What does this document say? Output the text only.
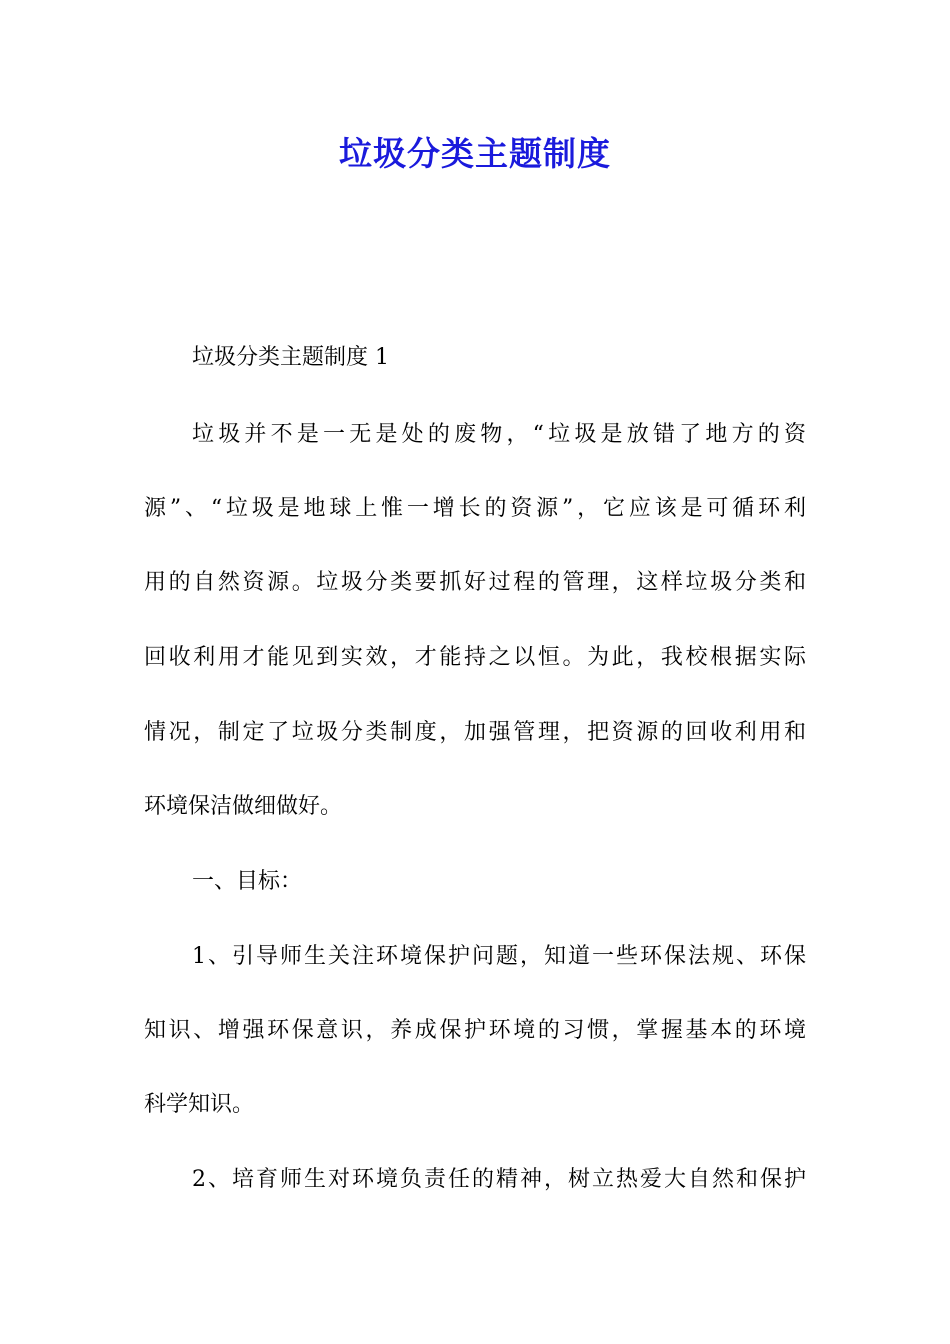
垃圾分类主题制度
垃圾分类主题制度 1
垃圾并不是一无是处的废物，“垃圾是放错了地方的资
源”、“垃圾是地球上惟一增长的资源”，它应该是可循环利
用的自然资源。垃圾分类要抓好过程的管理，这样垃圾分类和
回收利用才能见到实效，才能持之以恒。为此，我校根据实际
情况，制定了垃圾分类制度，加强管理，把资源的回收利用和
环境保洁做细做好。
一、目标：
1、引导师生关注环境保护问题，知道一些环保法规、环保
知识、增强环保意识，养成保护环境的习惯，掌握基本的环境
科学知识。
2、培育师生对环境负责任的精神，树立热爱大自然和保护
